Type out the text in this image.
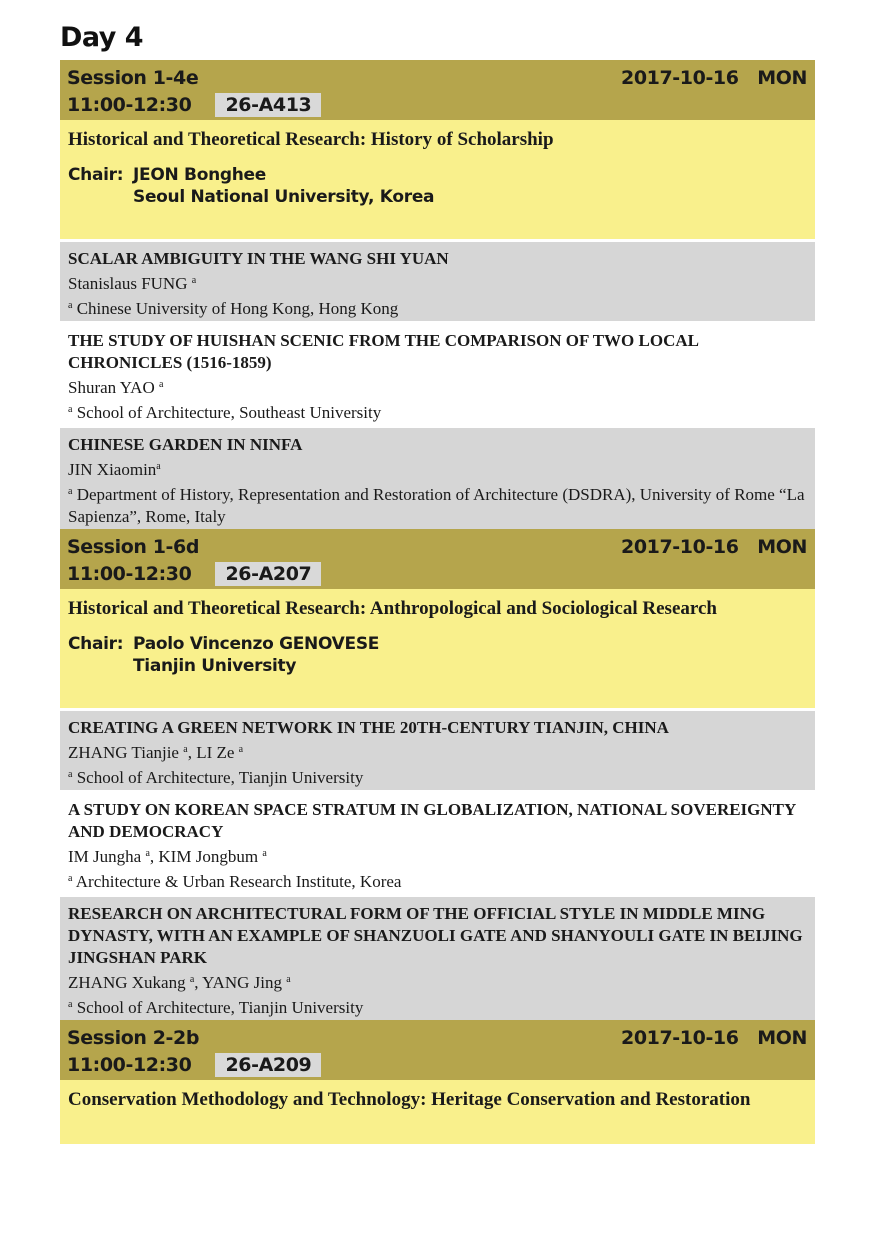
Day 4
Session 1-4e	2017-10-16 MON
11:00-12:30	26-A413
Historical and Theoretical Research: History of Scholarship
Chair: JEON Bonghee
Seoul National University, Korea
SCALAR AMBIGUITY IN THE WANG SHI YUAN
Stanislaus FUNG $^a$
$^a$ Chinese University of Hong Kong, Hong Kong
THE STUDY OF HUISHAN SCENIC FROM THE COMPARISON OF TWO LOCAL CHRONICLES (1516-1859)
Shuran YAO $^a$
$^a$ School of Architecture, Southeast University
CHINESE GARDEN IN NINFA
JIN Xiaomin$^a$
$^a$ Department of History, Representation and Restoration of Architecture (DSDRA), University of Rome “La Sapienza”, Rome, Italy
Session 1-6d	2017-10-16 MON
11:00-12:30	26-A207
Historical and Theoretical Research: Anthropological and Sociological Research
Chair: Paolo Vincenzo GENOVESE
Tianjin University
CREATING A GREEN NETWORK IN THE 20TH-CENTURY TIANJIN, CHINA
ZHANG Tianjie $^a$, LI Ze $^a$
$^a$ School of Architecture, Tianjin University
A STUDY ON KOREAN SPACE STRATUM IN GLOBALIZATION, NATIONAL SOVEREIGNTY AND DEMOCRACY
IM Jungha $^a$, KIM Jongbum $^a$
$^a$ Architecture & Urban Research Institute, Korea
RESEARCH ON ARCHITECTURAL FORM OF THE OFFICIAL STYLE IN MIDDLE MING DYNASTY, WITH AN EXAMPLE OF SHANZUOLI GATE AND SHANYOULI GATE IN BEIJING JINGSHAN PARK
ZHANG Xukang $^a$, YANG Jing $^a$
$^a$ School of Architecture, Tianjin University
Session 2-2b	2017-10-16 MON
11:00-12:30	26-A209
Conservation Methodology and Technology: Heritage Conservation and Restoration
